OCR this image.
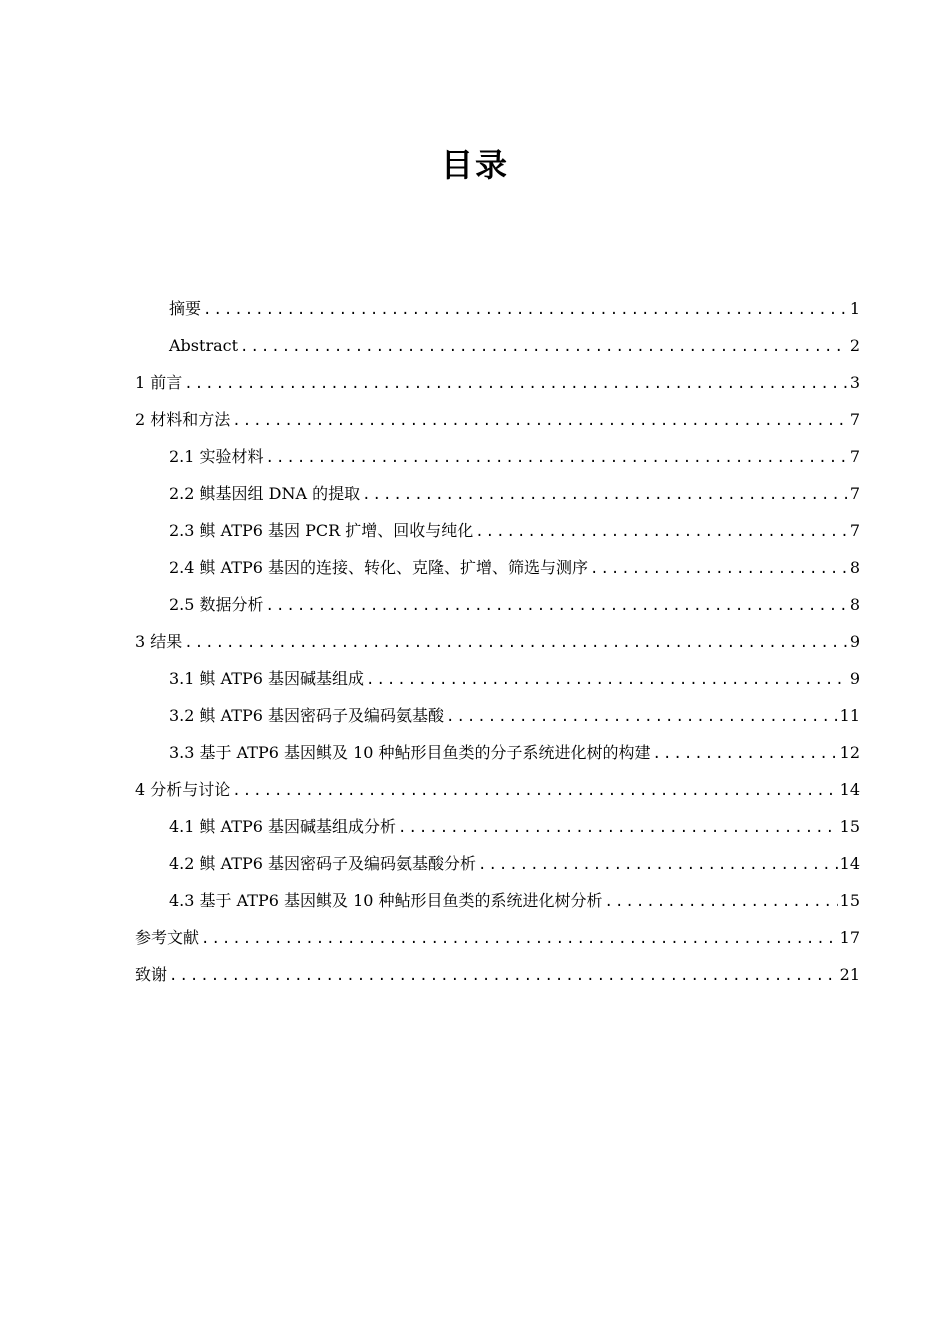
目录
摘要 .....	1
Abstract .....	2
1 前言 .....	3
2 材料和方法 .....	7
2.1 实验材料 .....	7
2.2 鲯基因组 DNA 的提取 .....	7
2.3 鲯 ATP6 基因 PCR 扩增、回收与纯化 .....	7
2.4 鲯 ATP6 基因的连接、转化、克隆、扩增、筛选与测序 .....	8
2.5 数据分析 .....	8
3 结果 .....	9
3.1 鲯 ATP6 基因碱基组成 .....	9
3.2 鲯 ATP6 基因密码子及编码氨基酸 .....	11
3.3 基于 ATP6 基因鲯及 10 种鲇形目鱼类的分子系统进化树的构建 .....	12
4 分析与讨论 .....	14
4.1 鲯 ATP6 基因碱基组成分析 .....	15
4.2 鲯 ATP6 基因密码子及编码氨基酸分析 .....	14
4.3 基于 ATP6 基因鲯及 10 种鲇形目鱼类的系统进化树分析 .....	15
参考文献 .....	17
致谢 .....	21
